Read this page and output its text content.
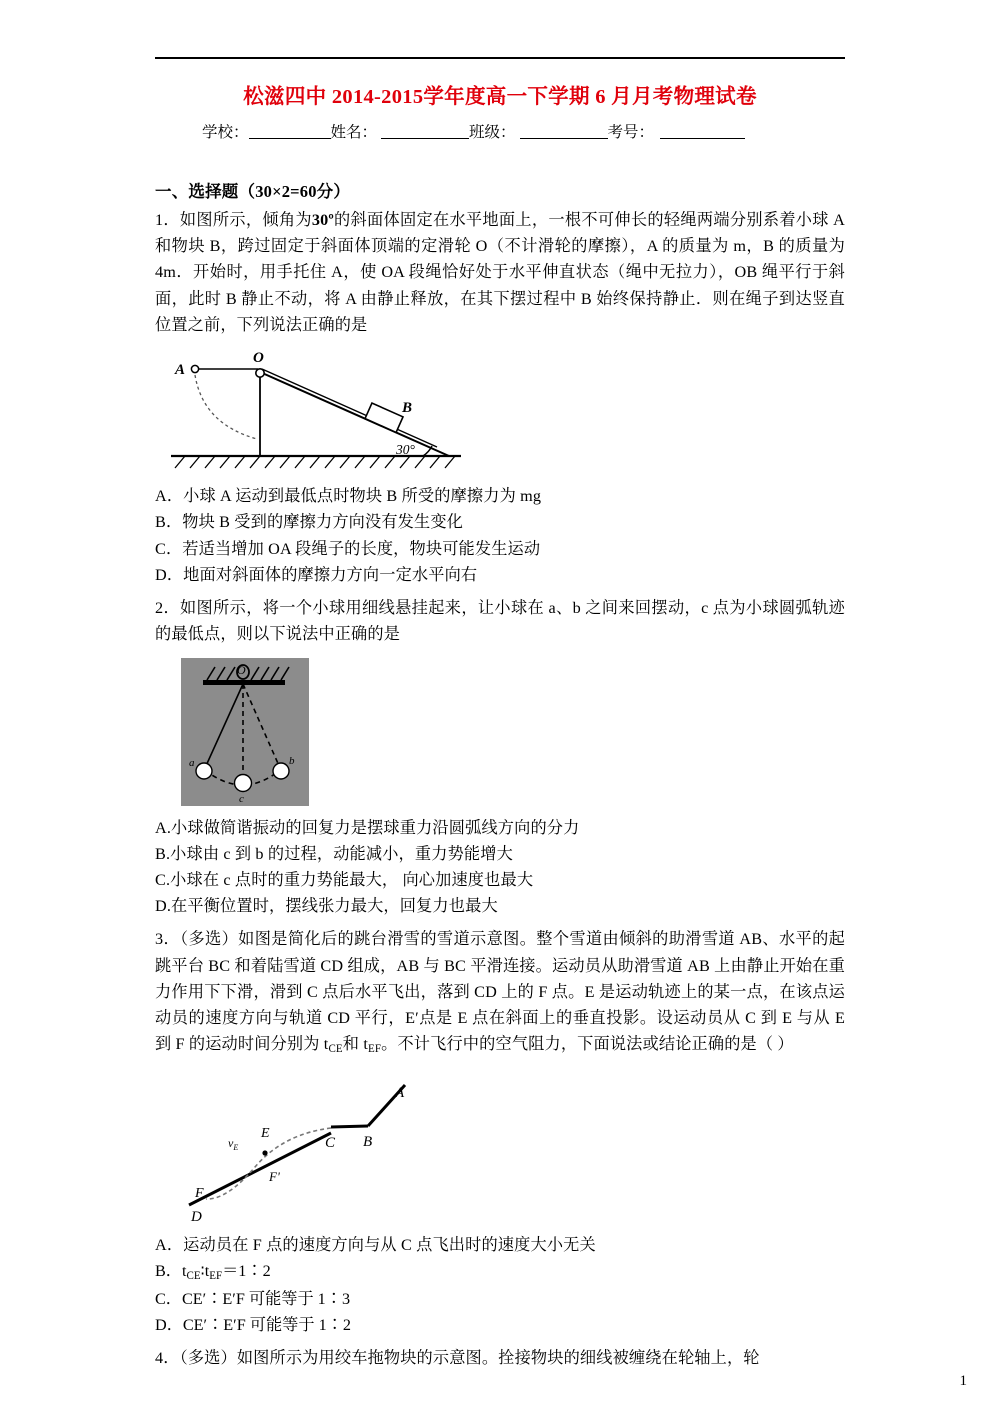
松滋四中 2014-2015学年度高一下学期 6 月月考物理试卷
学校：	姓名：	班级：	考号：
一、选择题（30×2=60分）
1．如图所示，倾角为30º的斜面体固定在水平地面上，一根不可伸长的轻绳两端分别系着小球 A 和物块 B，跨过固定于斜面体顶端的定滑轮 O（不计滑轮的摩擦），A 的质量为 m，B 的质量为 4m．开始时，用手托住 A，使 OA 段绳恰好处于水平伸直状态（绳中无拉力），OB 绳平行于斜面，此时 B 静止不动，将 A 由静止释放，在其下摆过程中 B 始终保持静止．则在绳子到达竖直位置之前，下列说法正确的是
A
O
B
30°
A．小球 A 运动到最低点时物块 B 所受的摩擦力为 mg
B．物块 B 受到的摩擦力方向没有发生变化
C．若适当增加 OA 段绳子的长度，物块可能发生运动
D．地面对斜面体的摩擦力方向一定水平向右
2．如图所示，将一个小球用细线悬挂起来，让小球在 a、b 之间来回摆动，c 点为小球圆弧轨迹的最低点，则以下说法中正确的是
a	b
c
O
A.小球做简谐振动的回复力是摆球重力沿圆弧线方向的分力
B.小球由 c 到 b 的过程，动能减小，重力势能增大
C.小球在 c 点时的重力势能最大， 向心加速度也最大
D.在平衡位置时，摆线张力最大，回复力也最大
3．（多选）如图是简化后的跳台滑雪的雪道示意图。整个雪道由倾斜的助滑雪道 AB、水平的起跳平台 BC 和着陆雪道 CD 组成，AB 与 BC 平滑连接。运动员从助滑雪道 AB 上由静止开始在重力作用下下滑，滑到 C 点后水平飞出，落到 CD 上的 F 点。E 是运动轨迹上的某一点，在该点运动员的速度方向与轨道 CD 平行，E′点是 E 点在斜面上的垂直投影。设运动员从 C 到 E 与从 E 到 F 的运动时间分别为 $t_{CE}$和 $t_{EF}$。不计飞行中的空气阻力，下面说法或结论正确的是（ ）
A
B
C
D
E
F
F'
$v_E$
A．运动员在 F 点的速度方向与从 C 点飞出时的速度大小无关
B．$t_{CE}∶t_{EF}=1∶2$
C．CE′∶E′F 可能等于 1∶3
D．CE′∶E′F 可能等于 1∶2
4．（多选）如图所示为用绞车拖物块的示意图。拴接物块的细线被缠绕在轮轴上，轮
1
